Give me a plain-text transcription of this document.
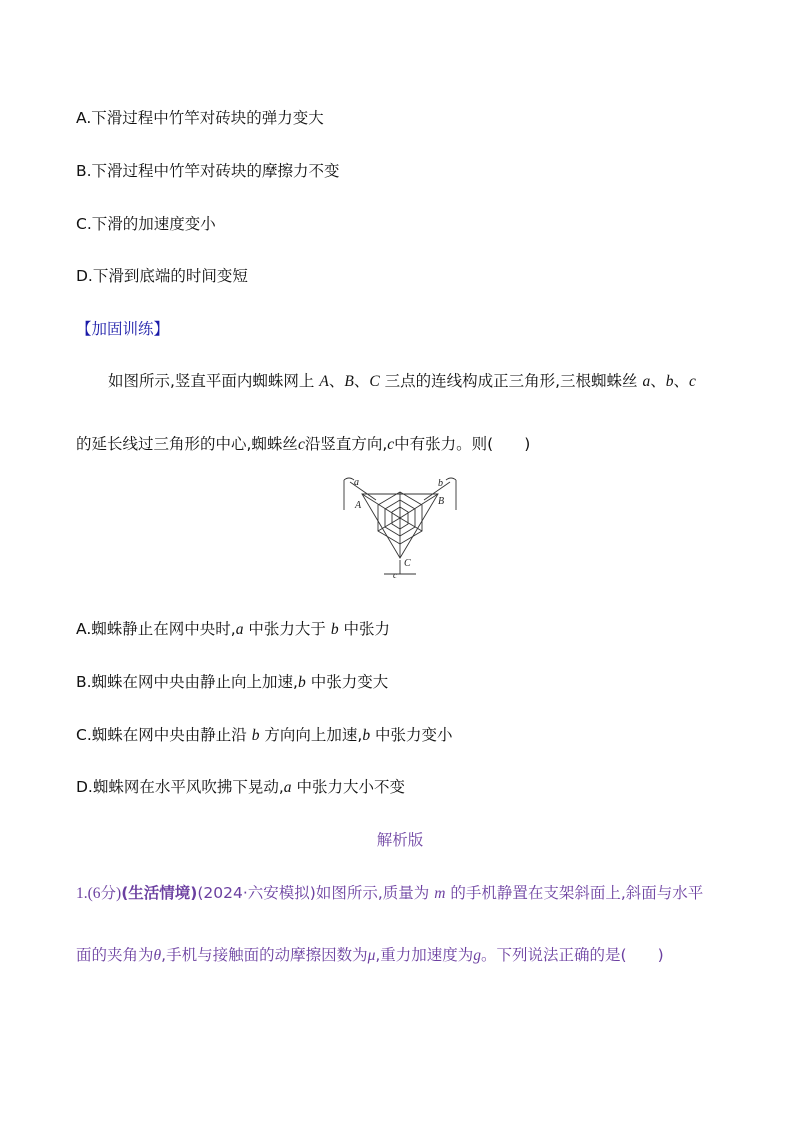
A.下滑过程中竹竿对砖块的弹力变大
B.下滑过程中竹竿对砖块的摩擦力不变
C.下滑的加速度变小
D.下滑到底端的时间变短
【加固训练】
如图所示,竖直平面内蜘蛛网上 A、B、C 三点的连线构成正三角形,三根蜘蛛丝 a、b、c
的延长线过三角形的中心,蜘蛛丝c沿竖直方向,c中有张力。则(　　)
a	b
A	B
C
c
A.蜘蛛静止在网中央时,a 中张力大于 b 中张力
B.蜘蛛在网中央由静止向上加速,b 中张力变大
C.蜘蛛在网中央由静止沿 b 方向向上加速,b 中张力变小
D.蜘蛛网在水平风吹拂下晃动,a 中张力大小不变
解析版
1.(6分)(生活情境)(2024·六安模拟)如图所示,质量为 m 的手机静置在支架斜面上,斜面与水平
面的夹角为θ,手机与接触面的动摩擦因数为μ,重力加速度为g。下列说法正确的是(　　)
